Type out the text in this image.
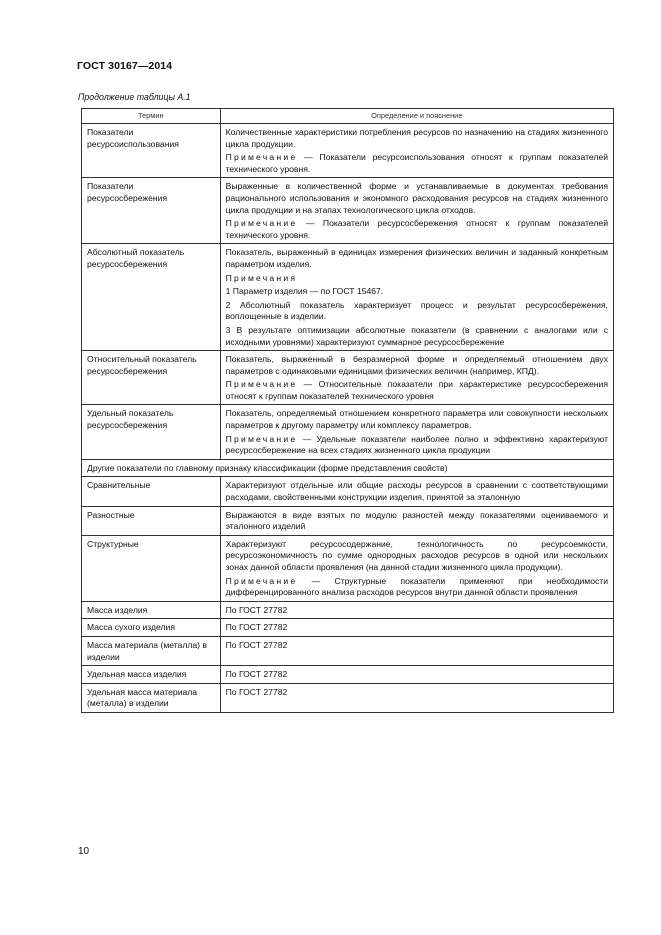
ГОСТ 30167—2014
Продолжение таблицы А.1
Термин	Определение и пояснение
Показатели ресурсоиспользования	Количественные характеристики потребления ресурсов по назначению на стадиях жизненного цикла продукции.

Примечание — Показатели ресурсоиспользования относят к группам показателей технического уровня.

Показатели ресурсосбережения	Выраженные в количественной форме и устанавливаемые в документах требования рационального использования и экономного расходования ресурсов на стадиях жизненного цикла продукции и на этапах технологического цикла отходов.

Примечание — Показатели ресурсосбережения относят к группам показателей технического уровня.

Абсолютный показатель ресурсосбережения	Показатель, выраженный в единицах измерения физических величин и заданный конкретным параметром изделия.

Примечания

1 Параметр изделия — по ГОСТ 15467.

2 Абсолютный показатель характеризует процесс и результат ресурсосбережения, воплощенные в изделии.

3 В результате оптимизации абсолютные показатели (в сравнении с аналогами или с исходными уровнями) характеризуют суммарное ресурсосбережение

Относительный показатель ресурсосбережения	Показатель, выраженный в безразмерной форме и определяемый отношением двух параметров с одинаковыми единицами физических величин (например, КПД).

Примечание — Относительные показатели при характеристике ресурсосбережения относят к группам показателей технического уровня

Удельный показатель ресурсосбережения	Показатель, определяемый отношением конкретного параметра или совокупности нескольких параметров к другому параметру или комплексу параметров.

Примечание — Удельные показатели наиболее полно и эффективно характеризуют ресурсосбережение на всех стадиях жизненного цикла продукции

Другие показатели по главному признаку классификации (форме представления свойств)	
Сравнительные	Характеризуют отдельные или общие расходы ресурсов в сравнении с соответствующими расходами, свойственными конструкции изделия, принятой за эталонную

Разностные	Выражаются в виде взятых по модулю разностей между показателями оцениваемого и эталонного изделий

Структурные	Характеризуют ресурсосодержание, технологичность по ресурсоемкости, ресурсоэкономичность по сумме однородных расходов ресурсов в одной или нескольких зонах данной области проявления (на данной стадии жизненного цикла продукции).

Примечание — Структурные показатели применяют при необходимости дифференцированного анализа расходов ресурсов внутри данной области проявления

Масса изделия	По ГОСТ 27782

Масса сухого изделия	По ГОСТ 27782

Масса материала (металла) в изделии	По ГОСТ 27782

Удельная масса изделия	По ГОСТ 27782

Удельная масса материала (металла) в изделии	По ГОСТ 27782

10
